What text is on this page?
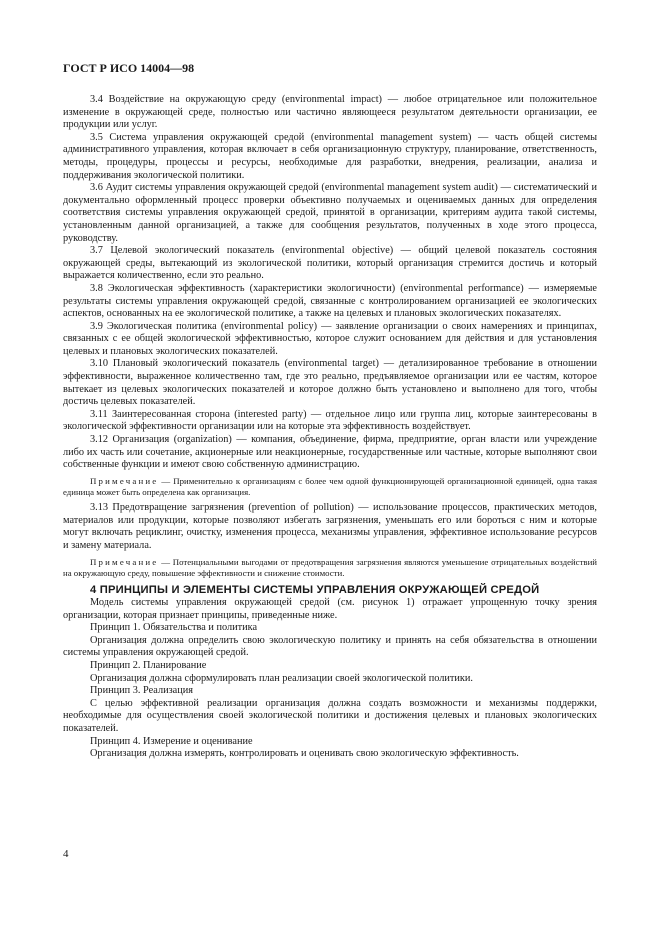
ГОСТ Р ИСО 14004—98

3.4 Воздействие на окружающую среду (environmental impact) — любое отрицательное или положительное изменение в окружающей среде, полностью или частично являющееся результатом деятельности организации, ее продукции или услуг.

3.5 Система управления окружающей средой (environmental management system) — часть общей системы административного управления, которая включает в себя организационную структуру, планирование, ответственность, методы, процедуры, процессы и ресурсы, необходимые для разработки, внедрения, реализации, анализа и поддерживания экологической политики.

3.6 Аудит системы управления окружающей средой (environmental management system audit) — систематический и документально оформленный процесс проверки объективно получаемых и оцениваемых данных для определения соответствия системы управления окружающей средой, принятой в организации, критериям аудита такой системы, установленным данной организацией, а также для сообщения результатов, полученных в ходе этого процесса, руководству.

3.7 Целевой экологический показатель (environmental objective) — общий целевой показатель состояния окружающей среды, вытекающий из экологической политики, который организация стремится достичь и который выражается количественно, если это реально.

3.8 Экологическая эффективность (характеристики экологичности) (environmental performance) — измеряемые результаты системы управления окружающей средой, связанные с контролированием организацией ее экологических аспектов, основанных на ее экологической политике, а также на целевых и плановых экологических показателях.

3.9 Экологическая политика (environmental policy) — заявление организации о своих намерениях и принципах, связанных с ее общей экологической эффективностью, которое служит основанием для действия и для установления целевых и плановых экологических показателей.

3.10 Плановый экологический показатель (environmental target) — детализированное требование в отношении эффективности, выраженное количественно там, где это реально, предъявляемое организации или ее частям, которое вытекает из целевых экологических показателей и которое должно быть установлено и выполнено для того, чтобы достичь целевых показателей.

3.11 Заинтересованная сторона (interested party) — отдельное лицо или группа лиц, которые заинтересованы в экологической эффективности организации или на которые эта эффективность воздействует.

3.12 Организация (organization) — компания, объединение, фирма, предприятие, орган власти или учреждение либо их часть или сочетание, акционерные или неакционерные, государственные или частные, которые выполняют свои собственные функции и имеют свою собственную администрацию.

Примечание — Применительно к организациям с более чем одной функционирующей организационной единицей, одна такая единица может быть определена как организация.

3.13 Предотвращение загрязнения (prevention of pollution) — использование процессов, практических методов, материалов или продукции, которые позволяют избегать загрязнения, уменьшать его или бороться с ним и которые могут включать рециклинг, очистку, изменения процесса, механизмы управления, эффективное использование ресурсов и замену материала.

Примечание — Потенциальными выгодами от предотвращения загрязнения являются уменьшение отрицательных воздействий на окружающую среду, повышение эффективности и снижение стоимости.

4 ПРИНЦИПЫ И ЭЛЕМЕНТЫ СИСТЕМЫ УПРАВЛЕНИЯ ОКРУЖАЮЩЕЙ СРЕДОЙ

Модель системы управления окружающей средой (см. рисунок 1) отражает упрощенную точку зрения организации, которая признает принципы, приведенные ниже.

Принцип 1. Обязательства и политика

Организация должна определить свою экологическую политику и принять на себя обязательства в отношении системы управления окружающей средой.

Принцип 2. Планирование

Организация должна сформулировать план реализации своей экологической политики.

Принцип 3. Реализация

С целью эффективной реализации организация должна создать возможности и механизмы поддержки, необходимые для осуществления своей экологической политики и достижения целевых и плановых экологических показателей.

Принцип 4. Измерение и оценивание

Организация должна измерять, контролировать и оценивать свою экологическую эффективность.

4
